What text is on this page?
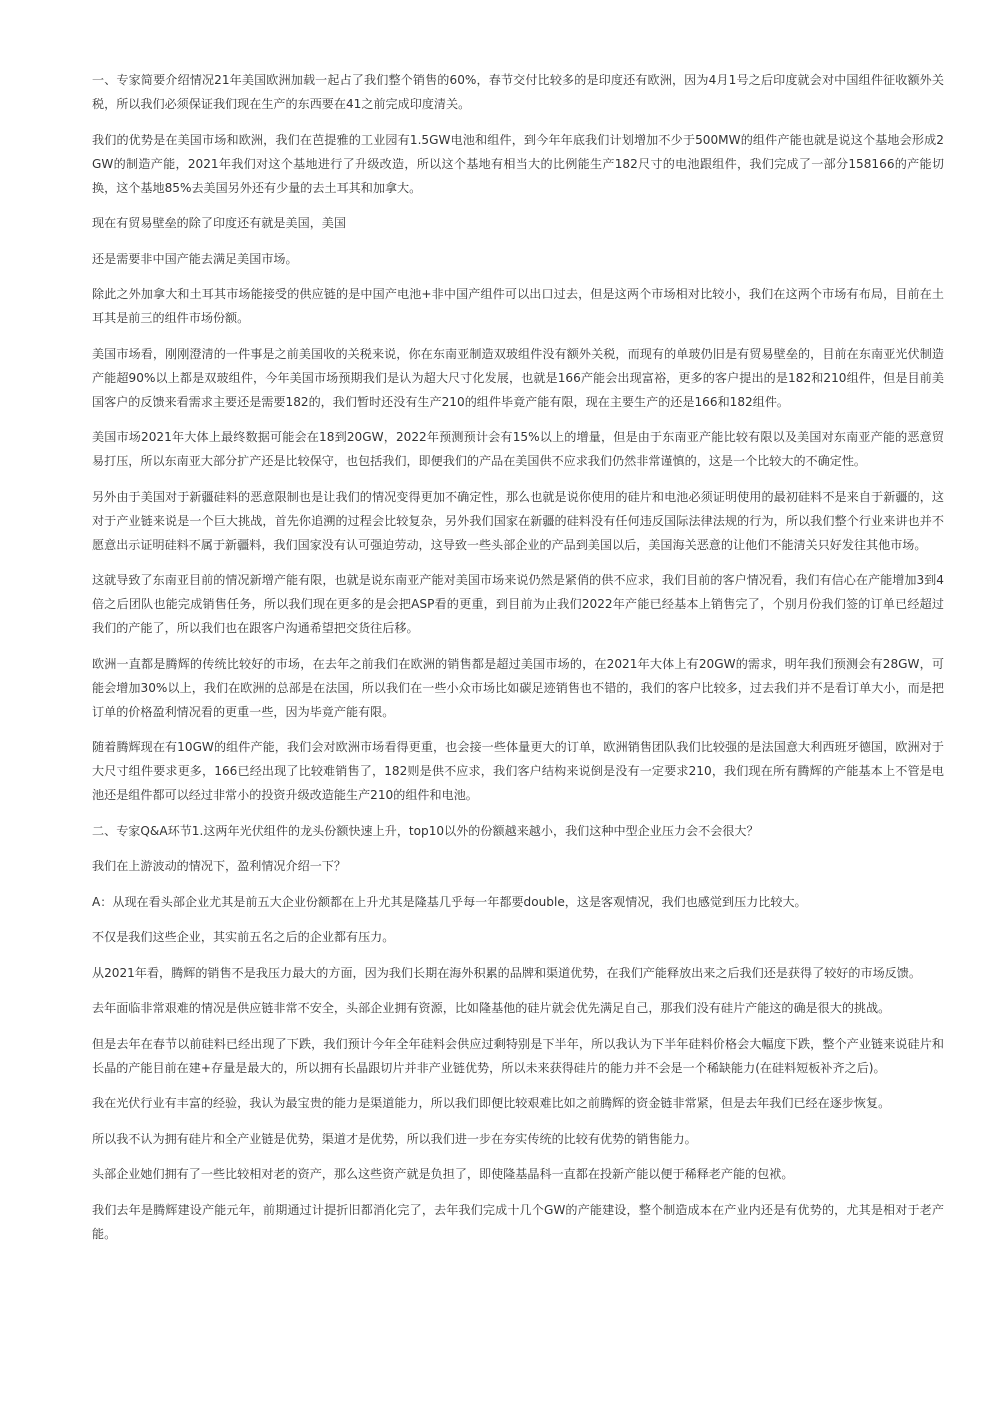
一、专家简要介绍情况21年美国欧洲加载一起占了我们整个销售的60%，春节交付比较多的是印度还有欧洲，因为4月1号之后印度就会对中国组件征收额外关税，所以我们必须保证我们现在生产的东西要在41之前完成印度清关。

我们的优势是在美国市场和欧洲，我们在芭提雅的工业园有1.5GW电池和组件，到今年年底我们计划增加不少于500MW的组件产能也就是说这个基地会形成2GW的制造产能，2021年我们对这个基地进行了升级改造，所以这个基地有相当大的比例能生产182尺寸的电池跟组件，我们完成了一部分158166的产能切换，这个基地85%去美国另外还有少量的去土耳其和加拿大。

现在有贸易壁垒的除了印度还有就是美国，美国

还是需要非中国产能去满足美国市场。

除此之外加拿大和土耳其市场能接受的供应链的是中国产电池+非中国产组件可以出口过去，但是这两个市场相对比较小，我们在这两个市场有布局，目前在土耳其是前三的组件市场份额。

美国市场看，刚刚澄清的一件事是之前美国收的关税来说，你在东南亚制造双玻组件没有额外关税，而现有的单玻仍旧是有贸易壁垒的，目前在东南亚光伏制造产能超90%以上都是双玻组件，今年美国市场预期我们是认为超大尺寸化发展，也就是166产能会出现富裕，更多的客户提出的是182和210组件，但是目前美国客户的反馈来看需求主要还是需要182的，我们暂时还没有生产210的组件毕竟产能有限，现在主要生产的还是166和182组件。

美国市场2021年大体上最终数据可能会在18到20GW，2022年预测预计会有15%以上的增量，但是由于东南亚产能比较有限以及美国对东南亚产能的恶意贸易打压，所以东南亚大部分扩产还是比较保守，也包括我们，即便我们的产品在美国供不应求我们仍然非常谨慎的，这是一个比较大的不确定性。

另外由于美国对于新疆硅料的恶意限制也是让我们的情况变得更加不确定性，那么也就是说你使用的硅片和电池必须证明使用的最初硅料不是来自于新疆的，这对于产业链来说是一个巨大挑战，首先你追溯的过程会比较复杂，另外我们国家在新疆的硅料没有任何违反国际法律法规的行为，所以我们整个行业来讲也并不愿意出示证明硅料不属于新疆料，我们国家没有认可强迫劳动，这导致一些头部企业的产品到美国以后，美国海关恶意的让他们不能清关只好发往其他市场。

这就导致了东南亚目前的情况新增产能有限，也就是说东南亚产能对美国市场来说仍然是紧俏的供不应求，我们目前的客户情况看，我们有信心在产能增加3到4倍之后团队也能完成销售任务，所以我们现在更多的是会把ASP看的更重，到目前为止我们2022年产能已经基本上销售完了，个别月份我们签的订单已经超过我们的产能了，所以我们也在跟客户沟通希望把交货往后移。

欧洲一直都是腾辉的传统比较好的市场，在去年之前我们在欧洲的销售都是超过美国市场的，在2021年大体上有20GW的需求，明年我们预测会有28GW，可能会增加30%以上，我们在欧洲的总部是在法国，所以我们在一些小众市场比如碳足迹销售也不错的，我们的客户比较多，过去我们并不是看订单大小，而是把订单的价格盈利情况看的更重一些，因为毕竟产能有限。

随着腾辉现在有10GW的组件产能，我们会对欧洲市场看得更重，也会接一些体量更大的订单，欧洲销售团队我们比较强的是法国意大利西班牙德国，欧洲对于大尺寸组件要求更多，166已经出现了比较难销售了，182则是供不应求，我们客户结构来说倒是没有一定要求210，我们现在所有腾辉的产能基本上不管是电池还是组件都可以经过非常小的投资升级改造能生产210的组件和电池。

二、专家Q&A环节1.这两年光伏组件的龙头份额快速上升，top10以外的份额越来越小，我们这种中型企业压力会不会很大？

我们在上游波动的情况下，盈利情况介绍一下？

A：从现在看头部企业尤其是前五大企业份额都在上升尤其是隆基几乎每一年都要double，这是客观情况，我们也感觉到压力比较大。

不仅是我们这些企业，其实前五名之后的企业都有压力。

从2021年看，腾辉的销售不是我压力最大的方面，因为我们长期在海外积累的品牌和渠道优势，在我们产能释放出来之后我们还是获得了较好的市场反馈。

去年面临非常艰难的情况是供应链非常不安全，头部企业拥有资源，比如隆基他的硅片就会优先满足自己，那我们没有硅片产能这的确是很大的挑战。

但是去年在春节以前硅料已经出现了下跌，我们预计今年全年硅料会供应过剩特别是下半年，所以我认为下半年硅料价格会大幅度下跌，整个产业链来说硅片和长晶的产能目前在建+存量是最大的，所以拥有长晶跟切片并非产业链优势，所以未来获得硅片的能力并不会是一个稀缺能力(在硅料短板补齐之后)。

我在光伏行业有丰富的经验，我认为最宝贵的能力是渠道能力，所以我们即便比较艰难比如之前腾辉的资金链非常紧，但是去年我们已经在逐步恢复。

所以我不认为拥有硅片和全产业链是优势，渠道才是优势，所以我们进一步在夯实传统的比较有优势的销售能力。

头部企业她们拥有了一些比较相对老的资产，那么这些资产就是负担了，即使隆基晶科一直都在投新产能以便于稀释老产能的包袱。

我们去年是腾辉建设产能元年，前期通过计提折旧都消化完了，去年我们完成十几个GW的产能建设，整个制造成本在产业内还是有优势的，尤其是相对于老产能。
